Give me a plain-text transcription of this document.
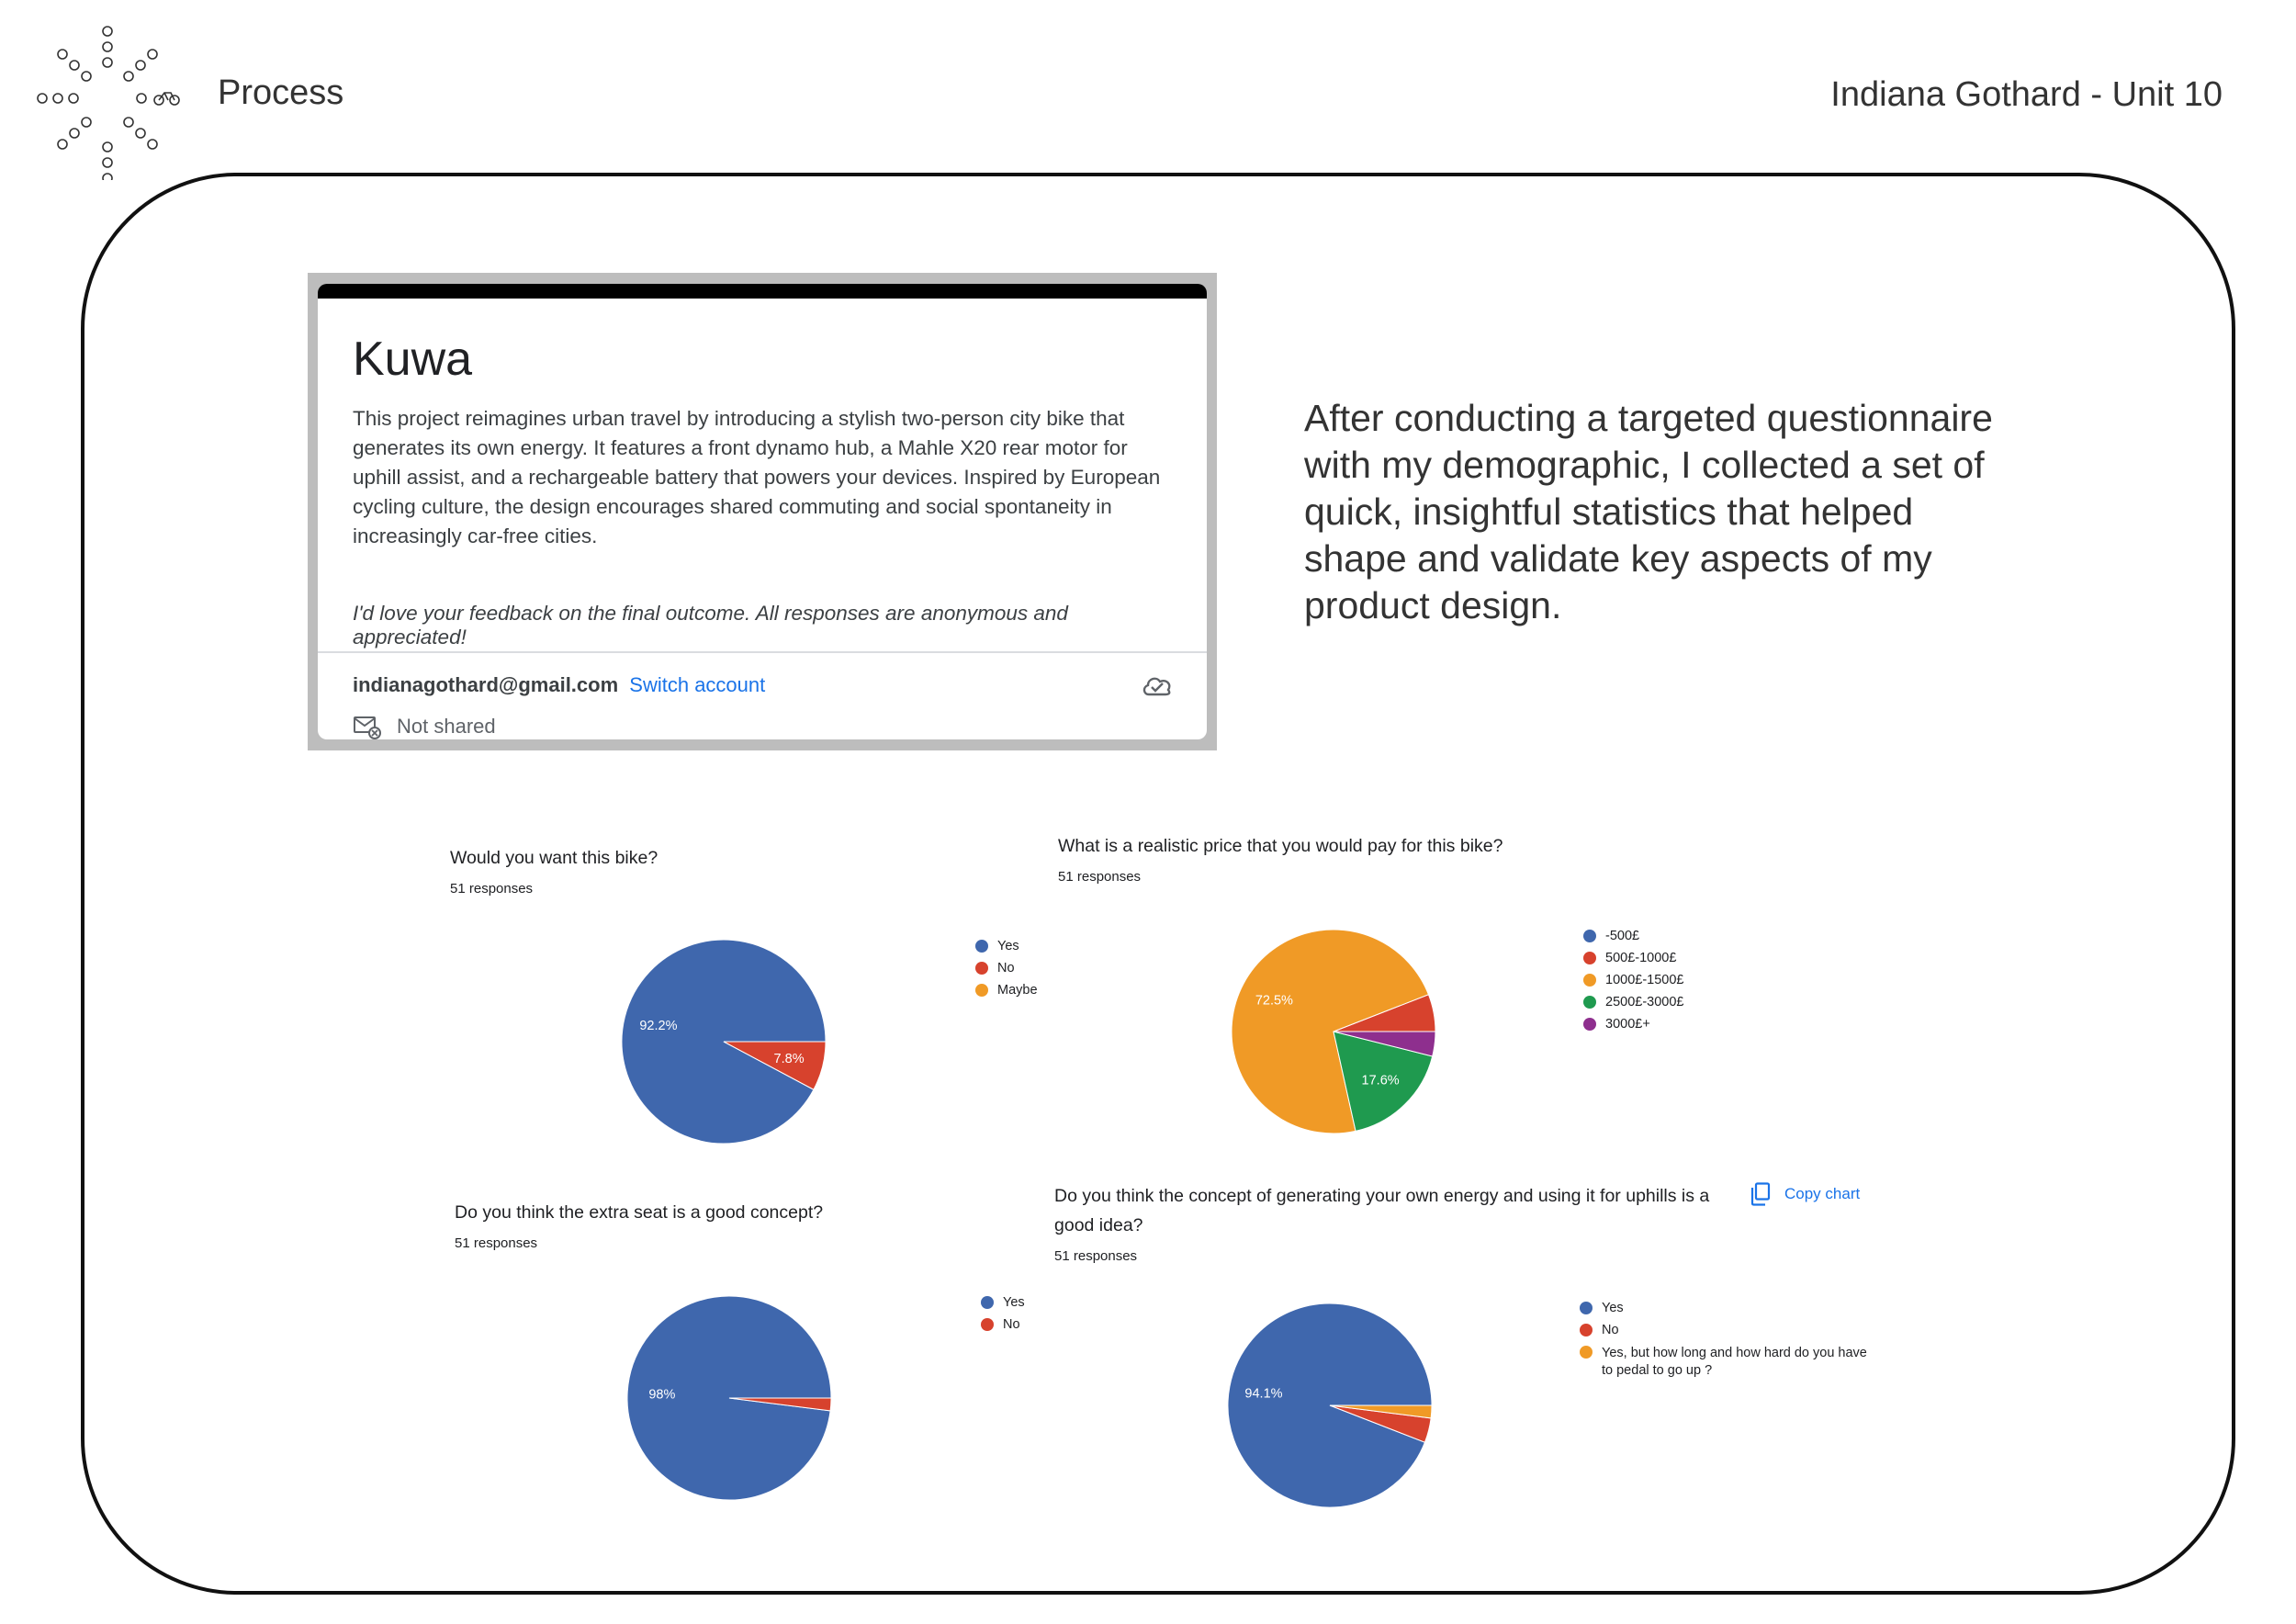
Process	Indiana Gothard - Unit 10
Kuwa
This project reimagines urban travel by introducing a stylish two-person city bike that generates its own energy. It features a front dynamo hub, a Mahle X20 rear motor for uphill assist, and a rechargeable battery that powers your devices. Inspired by European cycling culture, the design encourages shared commuting and social spontaneity in increasingly car-free cities.
I'd love your feedback on the final outcome. All responses are anonymous and appreciated!
indianagothard@gmail.com Switch account
Not shared
After conducting a targeted questionnaire with my demographic, I collected a set of quick, insightful statistics that helped shape and validate key aspects of my product design.
Would you want this bike?
51 responses
92.2%
7.8%
Yes
No
Maybe
What is a realistic price that you would pay for this bike?
51 responses
72.5%
17.6%
-500£
500£-1000£
1000£-1500£
2500£-3000£
3000£+
Do you think the extra seat is a good concept?
51 responses
98%
Yes
No
Do you think the concept of generating your own energy and using it for uphills is a good idea?
51 responses
Copy chart
94.1%
Yes
No
Yes, but how long and how hard do you have to pedal to go up ?
